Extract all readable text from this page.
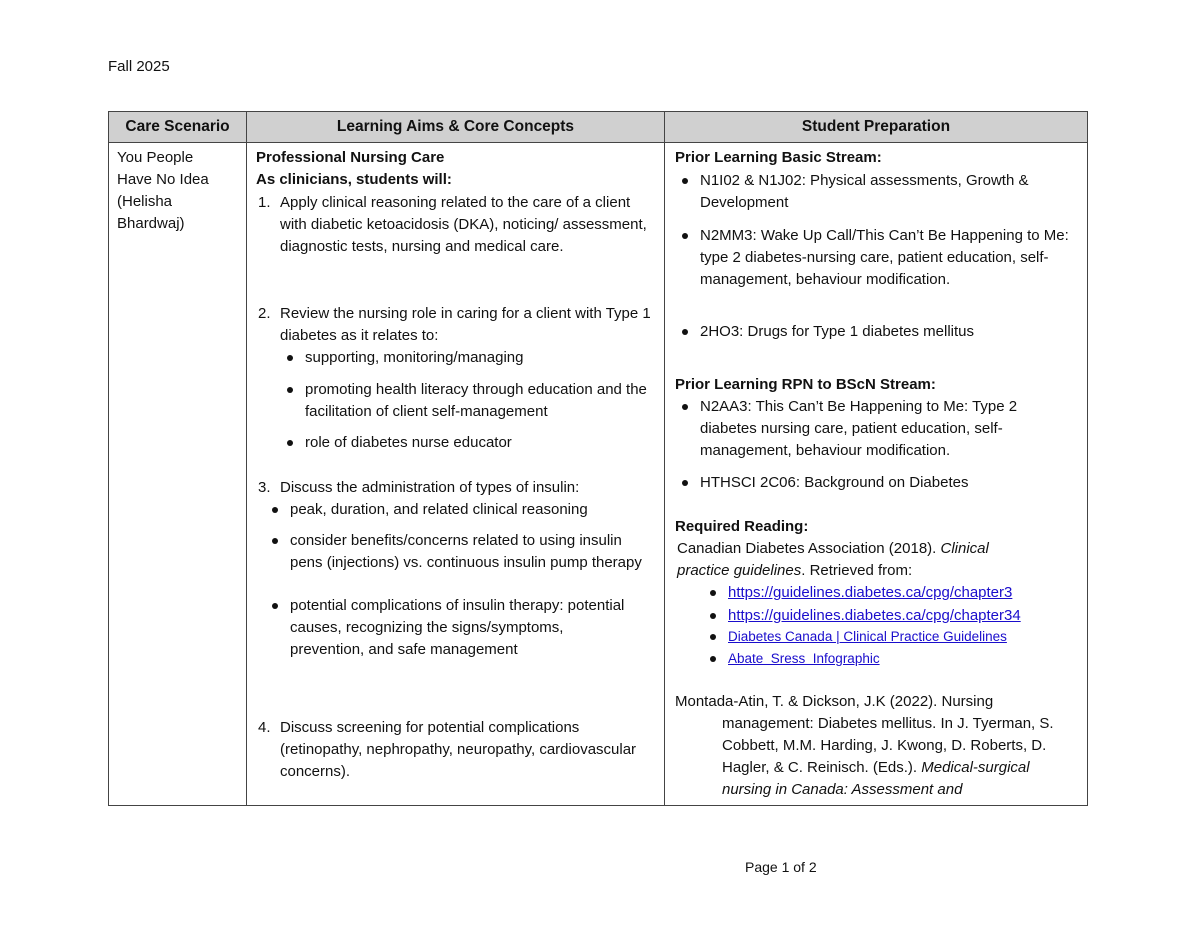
Fall 2025
Care Scenario	Learning Aims & Core Concepts	Student Preparation
You People Have No Idea (Helisha Bhardwaj)
Professional Nursing Care
As clinicians, students will:
1. Apply clinical reasoning related to the care of a client with diabetic ketoacidosis (DKA), noticing/ assessment, diagnostic tests, nursing and medical care.
2. Review the nursing role in caring for a client with Type 1 diabetes as it relates to:
supporting, monitoring/managing
promoting health literacy through education and the facilitation of client self-management
role of diabetes nurse educator
3. Discuss the administration of types of insulin:
peak, duration, and related clinical reasoning
consider benefits/concerns related to using insulin pens (injections) vs. continuous insulin pump therapy
potential complications of insulin therapy: potential causes, recognizing the signs/symptoms, prevention, and safe management
4. Discuss screening for potential complications (retinopathy, nephropathy, neuropathy, cardiovascular concerns).
Prior Learning Basic Stream:
N1I02 & N1J02: Physical assessments, Growth & Development
N2MM3: Wake Up Call/This Can’t Be Happening to Me: type 2 diabetes-nursing care, patient education, self-management, behaviour modification.
2HO3: Drugs for Type 1 diabetes mellitus
Prior Learning RPN to BScN Stream:
N2AA3: This Can’t Be Happening to Me: Type 2 diabetes nursing care, patient education, self-management, behaviour modification.
HTHSCI 2C06: Background on Diabetes
Required Reading:
Canadian Diabetes Association (2018). Clinical practice guidelines. Retrieved from:
https://guidelines.diabetes.ca/cpg/chapter3
https://guidelines.diabetes.ca/cpg/chapter34
Diabetes Canada | Clinical Practice Guidelines
Abate  Sress  Infographic
Montada-Atin, T. & Dickson, J.K (2022). Nursing management: Diabetes mellitus. In J. Tyerman, S. Cobbett, M.M. Harding, J. Kwong, D. Roberts, D. Hagler, & C. Reinisch. (Eds.). Medical-surgical nursing in Canada: Assessment and
Page 1 of 2
